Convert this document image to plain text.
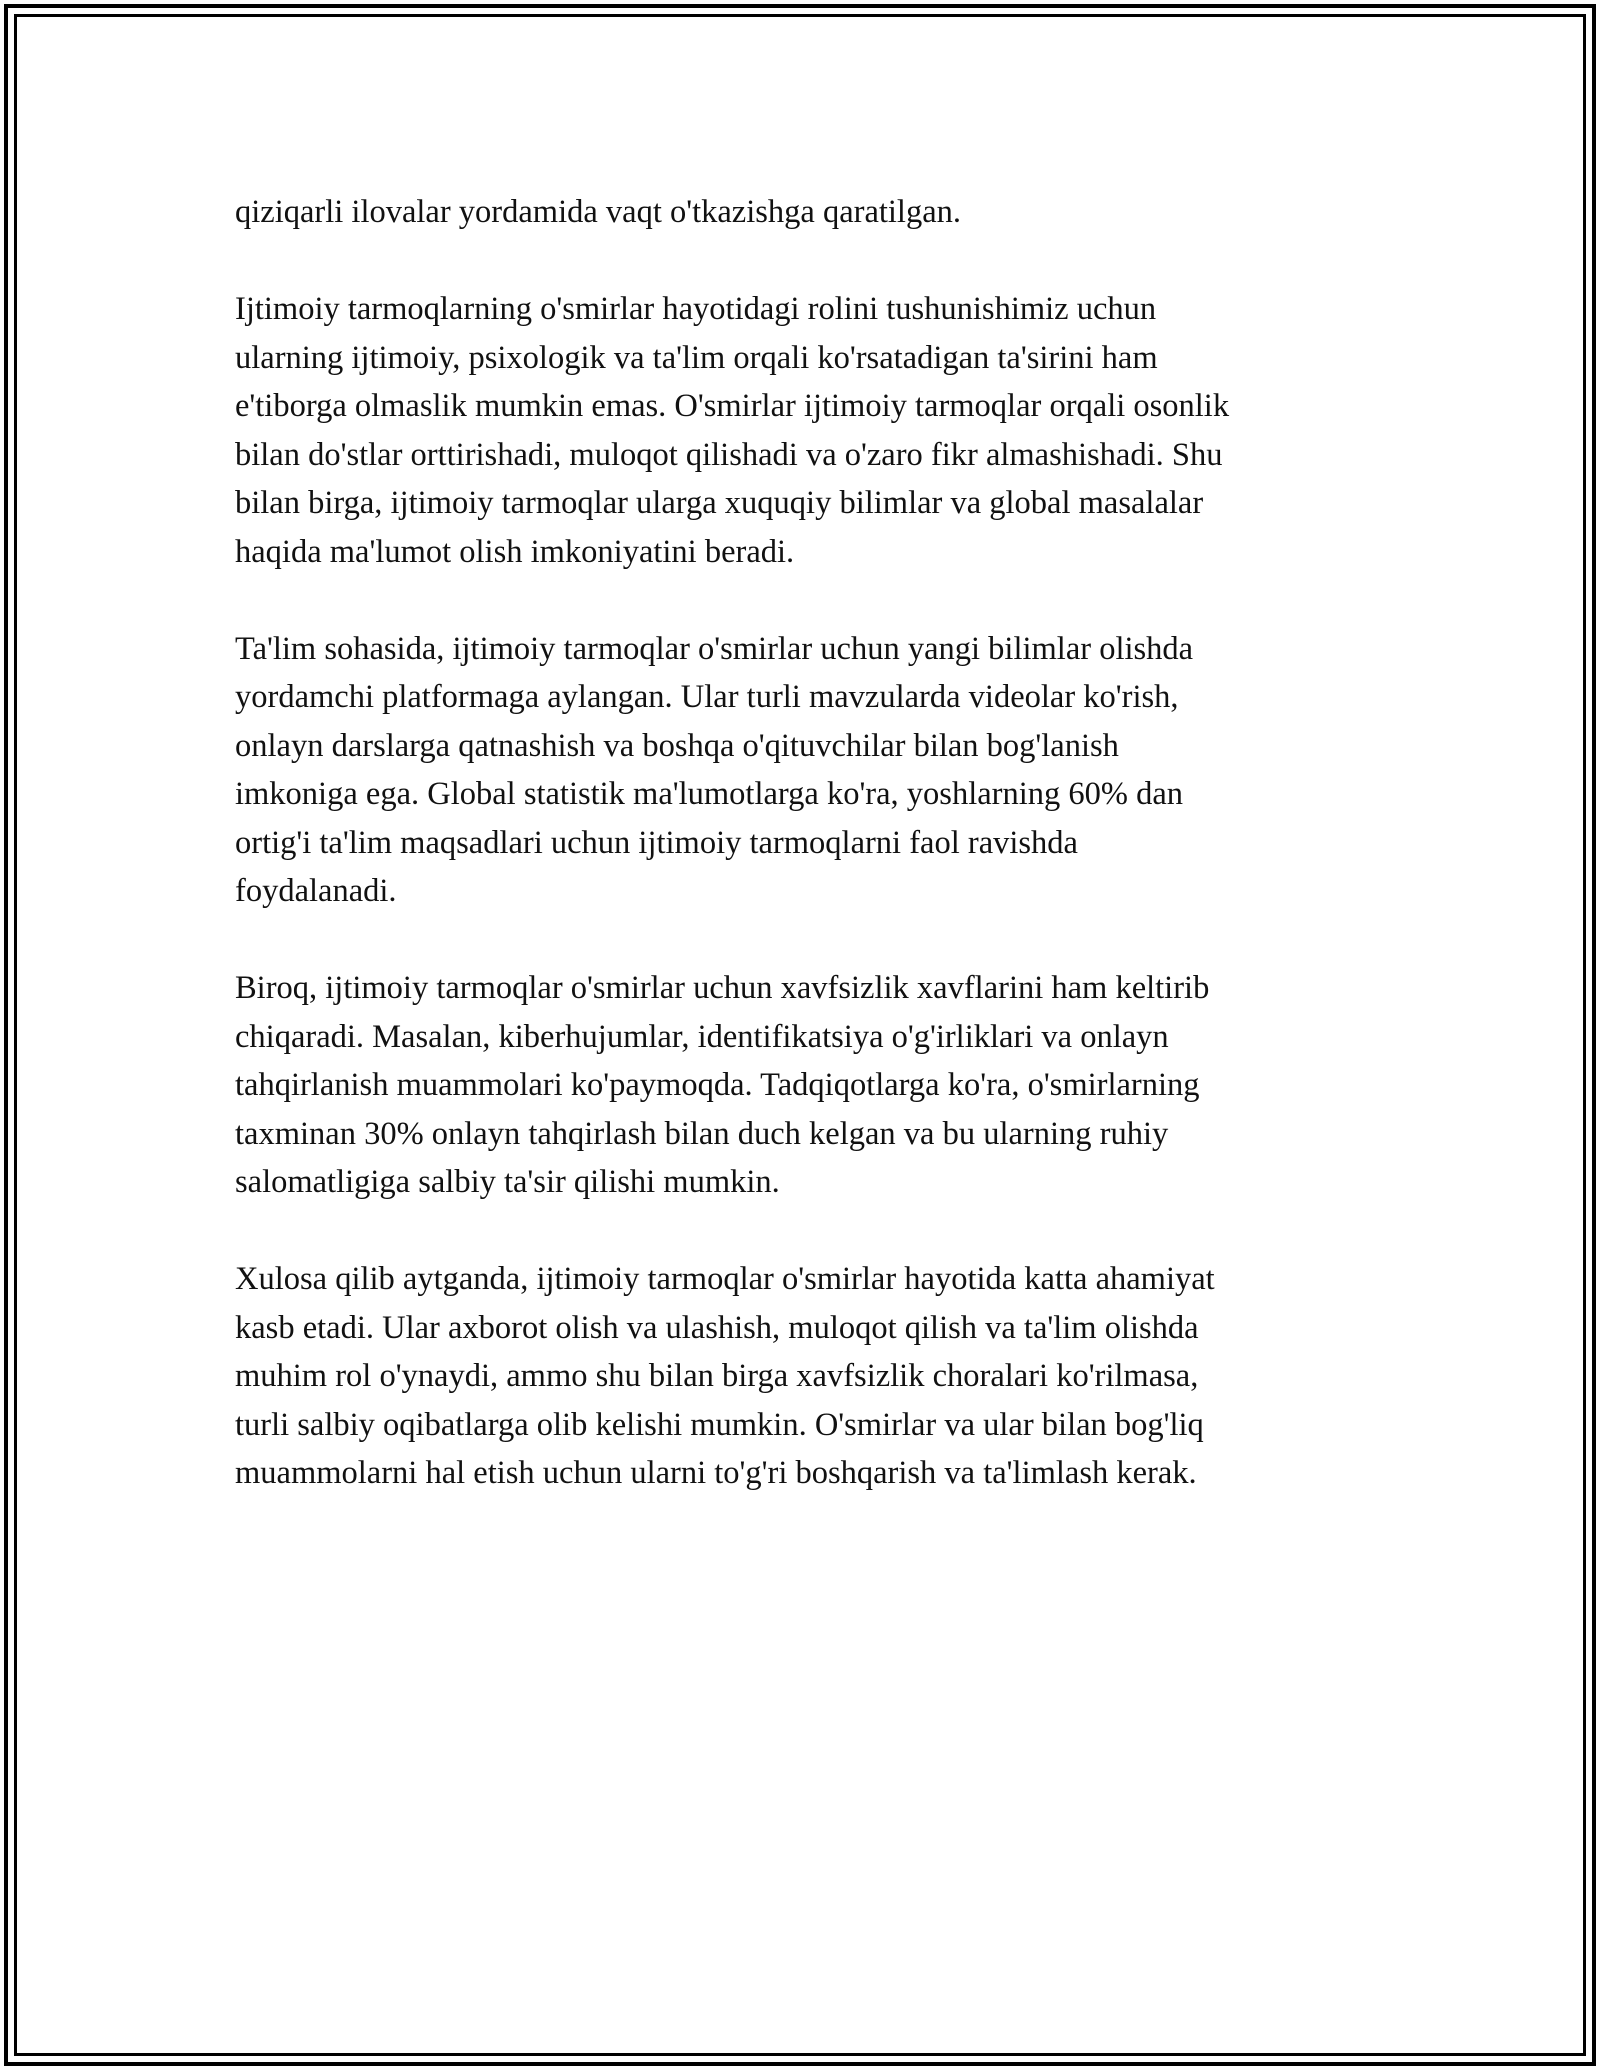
qiziqarli ilovalar yordamida vaqt o'tkazishga qaratilgan.

Ijtimoiy tarmoqlarning o'smirlar hayotidagi rolini tushunishimiz uchun
ularning ijtimoiy, psixologik va ta'lim orqali ko'rsatadigan ta'sirini ham
e'tiborga olmaslik mumkin emas. O'smirlar ijtimoiy tarmoqlar orqali osonlik
bilan do'stlar orttirishadi, muloqot qilishadi va o'zaro fikr almashishadi. Shu
bilan birga, ijtimoiy tarmoqlar ularga xuquqiy bilimlar va global masalalar
haqida ma'lumot olish imkoniyatini beradi.

Ta'lim sohasida, ijtimoiy tarmoqlar o'smirlar uchun yangi bilimlar olishda
yordamchi platformaga aylangan. Ular turli mavzularda videolar ko'rish,
onlayn darslarga qatnashish va boshqa o'qituvchilar bilan bog'lanish
imkoniga ega. Global statistik ma'lumotlarga ko'ra, yoshlarning 60% dan
ortig'i ta'lim maqsadlari uchun ijtimoiy tarmoqlarni faol ravishda
foydalanadi.

Biroq, ijtimoiy tarmoqlar o'smirlar uchun xavfsizlik xavflarini ham keltirib
chiqaradi. Masalan, kiberhujumlar, identifikatsiya o'g'irliklari va onlayn
tahqirlanish muammolari ko'paymoqda. Tadqiqotlarga ko'ra, o'smirlarning
taxminan 30% onlayn tahqirlash bilan duch kelgan va bu ularning ruhiy
salomatligiga salbiy ta'sir qilishi mumkin.

Xulosa qilib aytganda, ijtimoiy tarmoqlar o'smirlar hayotida katta ahamiyat
kasb etadi. Ular axborot olish va ulashish, muloqot qilish va ta'lim olishda
muhim rol o'ynaydi, ammo shu bilan birga xavfsizlik choralari ko'rilmasa,
turli salbiy oqibatlarga olib kelishi mumkin. O'smirlar va ular bilan bog'liq
muammolarni hal etish uchun ularni to'g'ri boshqarish va ta'limlash kerak.
